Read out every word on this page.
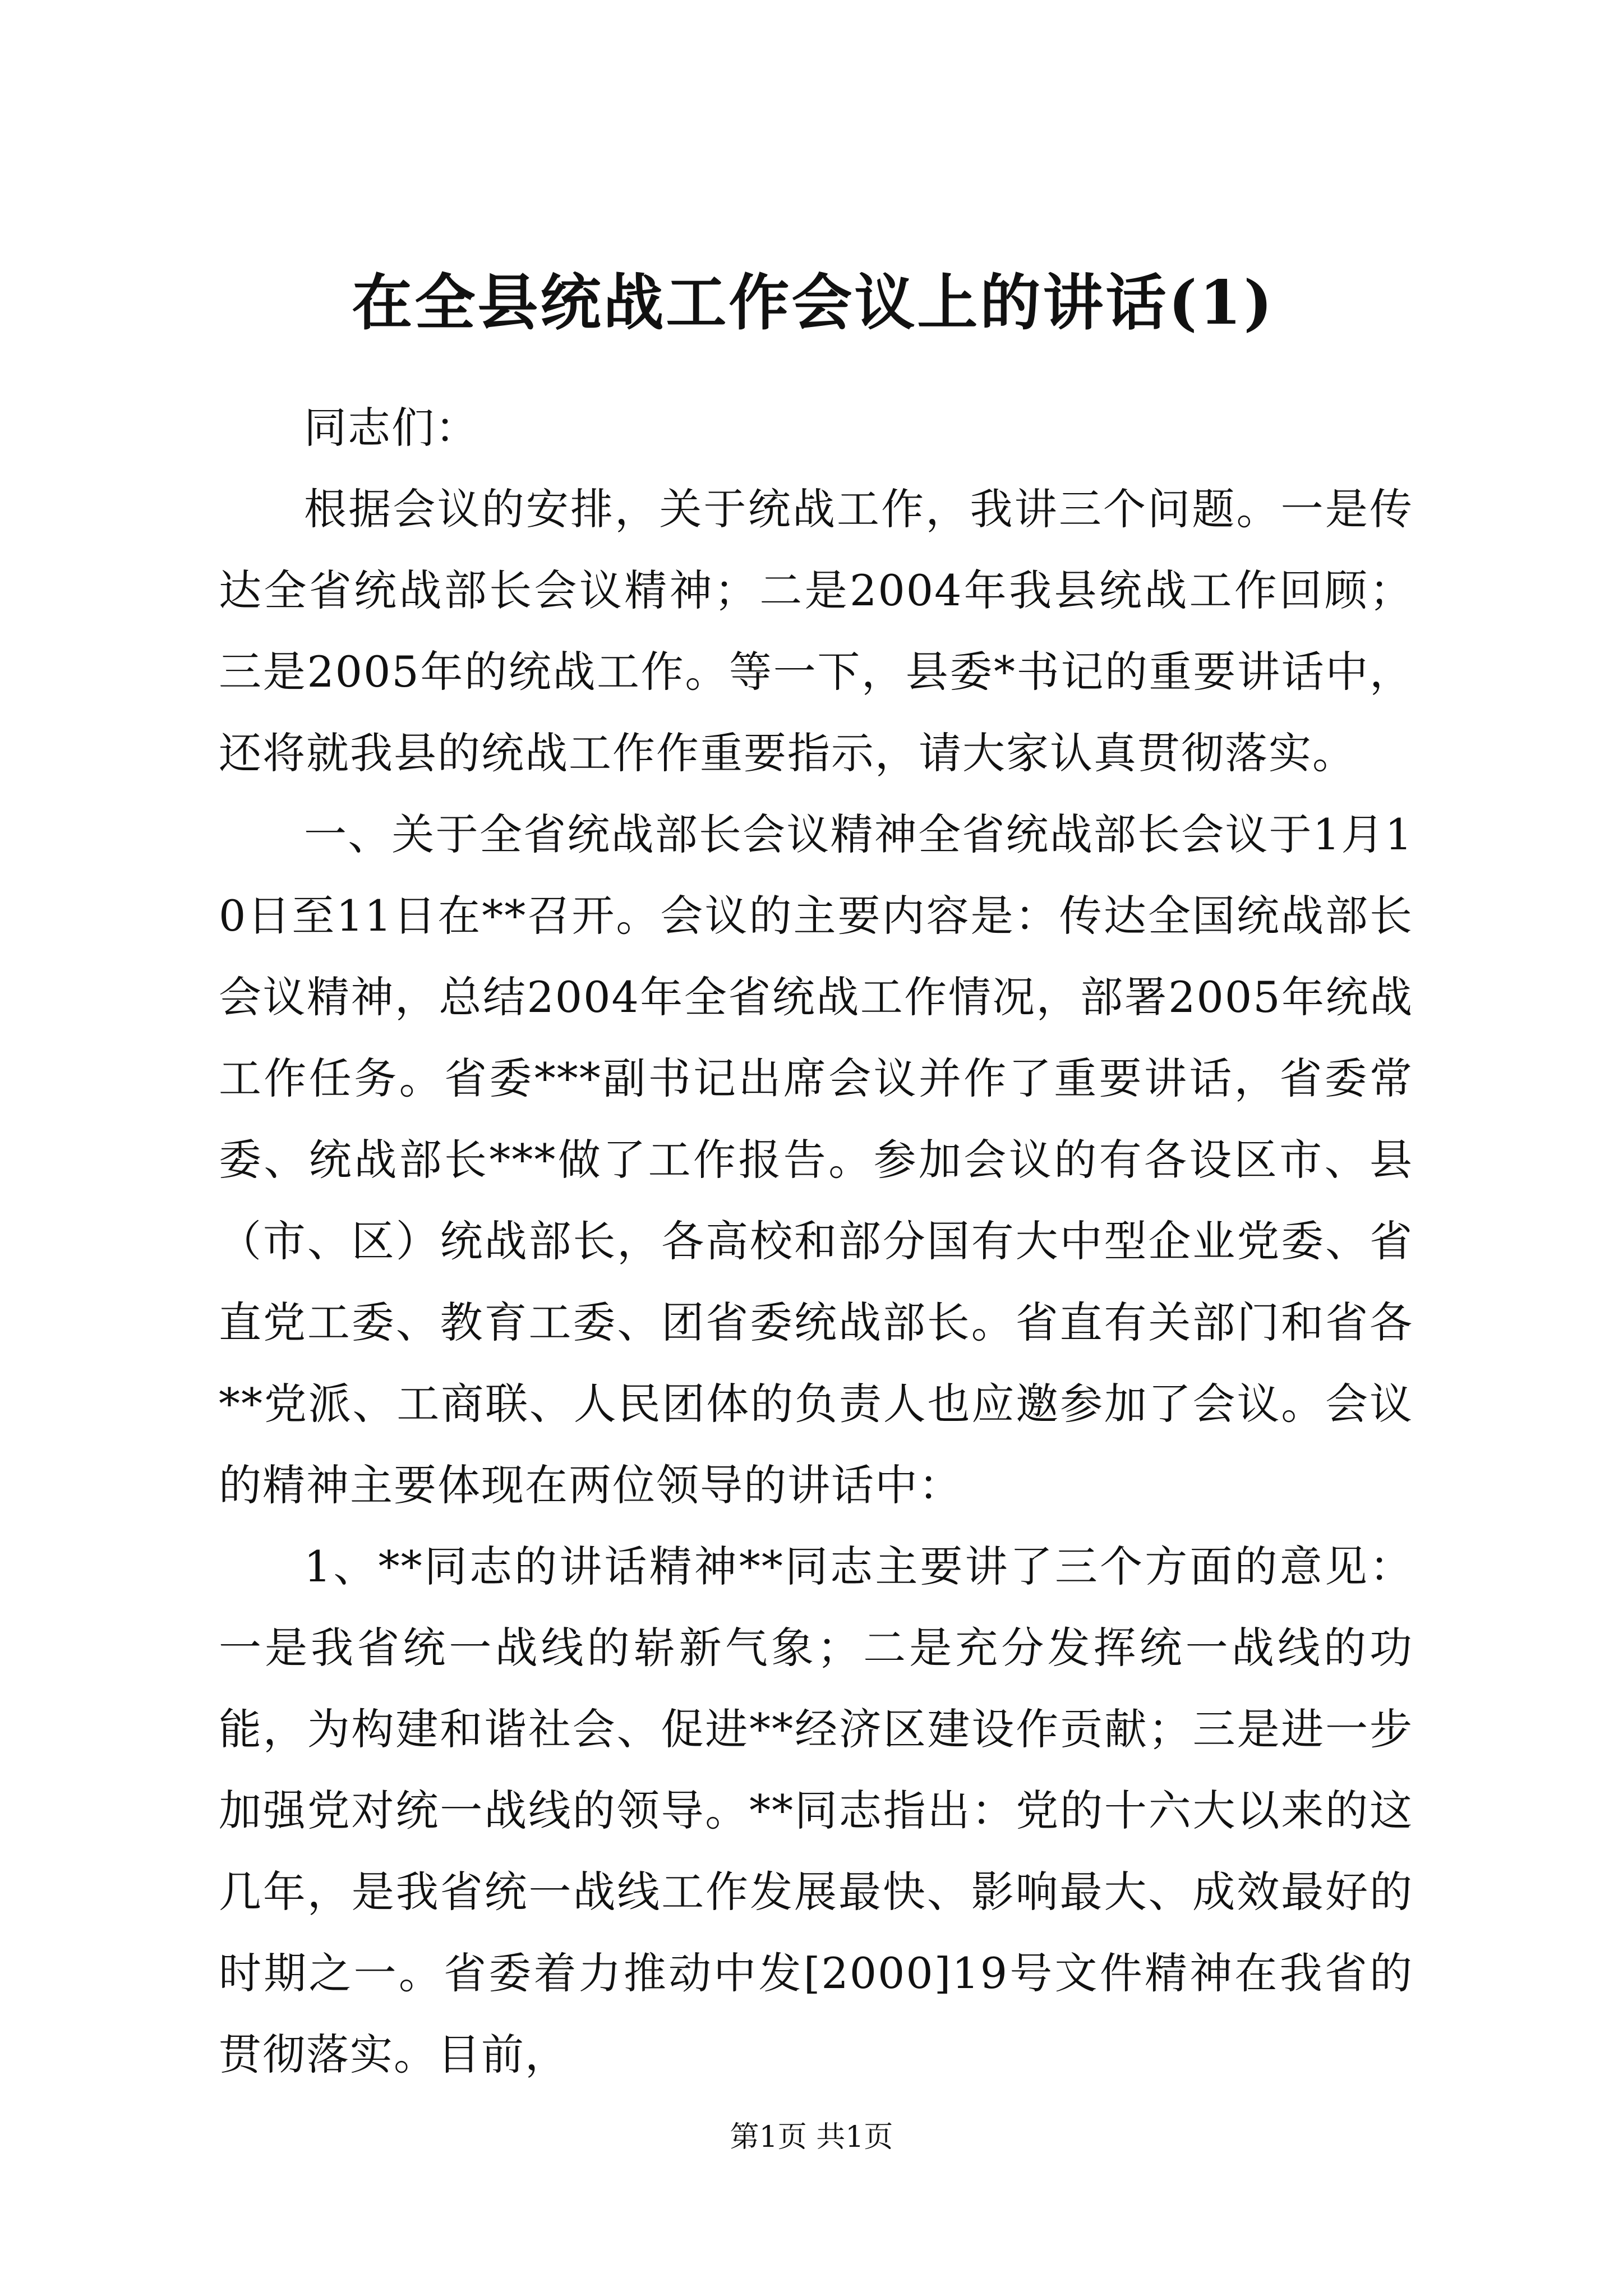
在全县统战工作会议上的讲话(1)

同志们：

根据会议的安排，关于统战工作，我讲三个问题。一是传达全省统战部长会议精神；二是2004年我县统战工作回顾；三是2005年的统战工作。等一下，县委*书记的重要讲话中，还将就我县的统战工作作重要指示，请大家认真贯彻落实。

一、关于全省统战部长会议精神全省统战部长会议于1月10日至11日在**召开。会议的主要内容是：传达全国统战部长会议精神，总结2004年全省统战工作情况，部署2005年统战工作任务。省委***副书记出席会议并作了重要讲话，省委常委、统战部长***做了工作报告。参加会议的有各设区市、县（市、区）统战部长，各高校和部分国有大中型企业党委、省直党工委、教育工委、团省委统战部长。省直有关部门和省各**党派、工商联、人民团体的负责人也应邀参加了会议。会议的精神主要体现在两位领导的讲话中：

1、**同志的讲话精神**同志主要讲了三个方面的意见：一是我省统一战线的崭新气象；二是充分发挥统一战线的功能，为构建和谐社会、促进**经济区建设作贡献；三是进一步加强党对统一战线的领导。**同志指出：党的十六大以来的这几年，是我省统一战线工作发展最快、影响最大、成效最好的时期之一。省委着力推动中发[2000]19号文件精神在我省的贯彻落实。目前，

第1页 共1页
